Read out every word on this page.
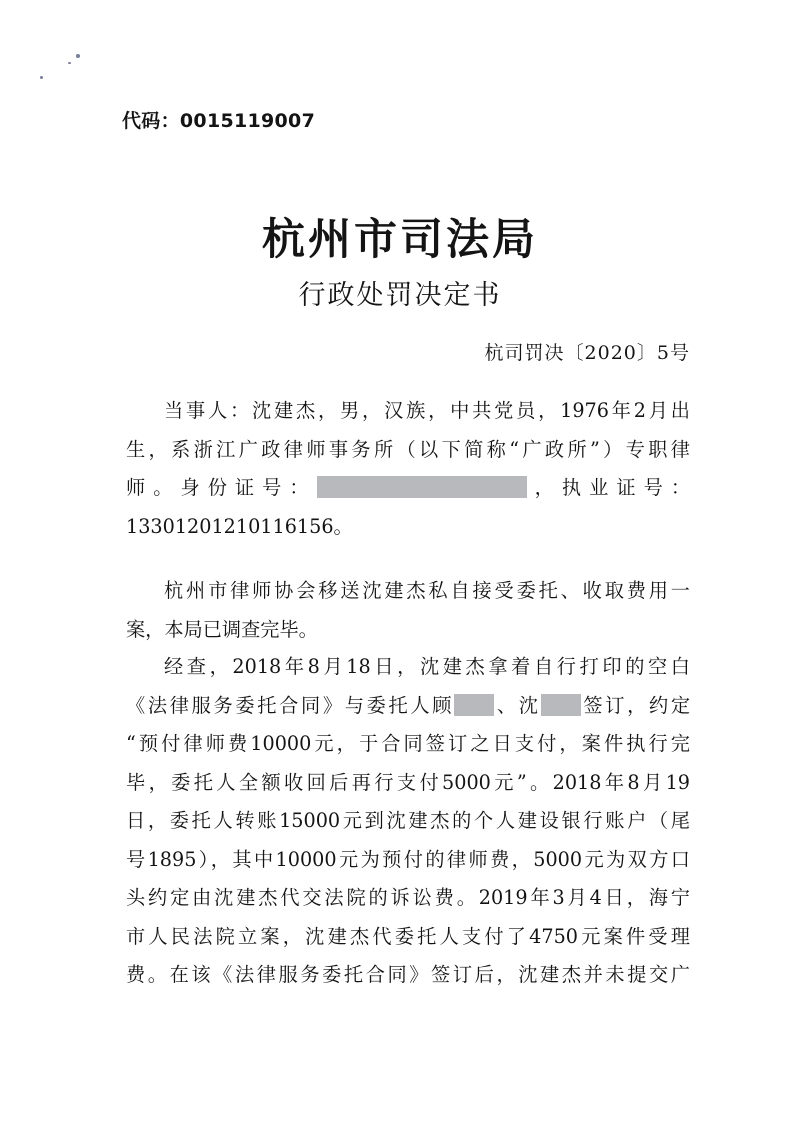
代码：0015119007
杭州市司法局
行政处罚决定书
杭司罚决〔2020〕5号
当事人：沈建杰，男，汉族，中共党员，1976年2月出
生，系浙江广政律师事务所（以下简称“广政所”）专职律
师。身份证号：	，执业证号：
13301201210116156。
杭州市律师协会移送沈建杰私自接受委托、收取费用一
案，本局已调查完毕。
经查，2018年8月18日，沈建杰拿着自行打印的空白
《法律服务委托合同》与委托人顾 、沈 签订，约定
“预付律师费10000元，于合同签订之日支付，案件执行完
毕，委托人全额收回后再行支付5000元”。2018年8月19
日，委托人转账15000元到沈建杰的个人建设银行账户（尾
号1895），其中10000元为预付的律师费，5000元为双方口
头约定由沈建杰代交法院的诉讼费。2019年3月4日，海宁
市人民法院立案，沈建杰代委托人支付了4750元案件受理
费。在该《法律服务委托合同》签订后，沈建杰并未提交广
